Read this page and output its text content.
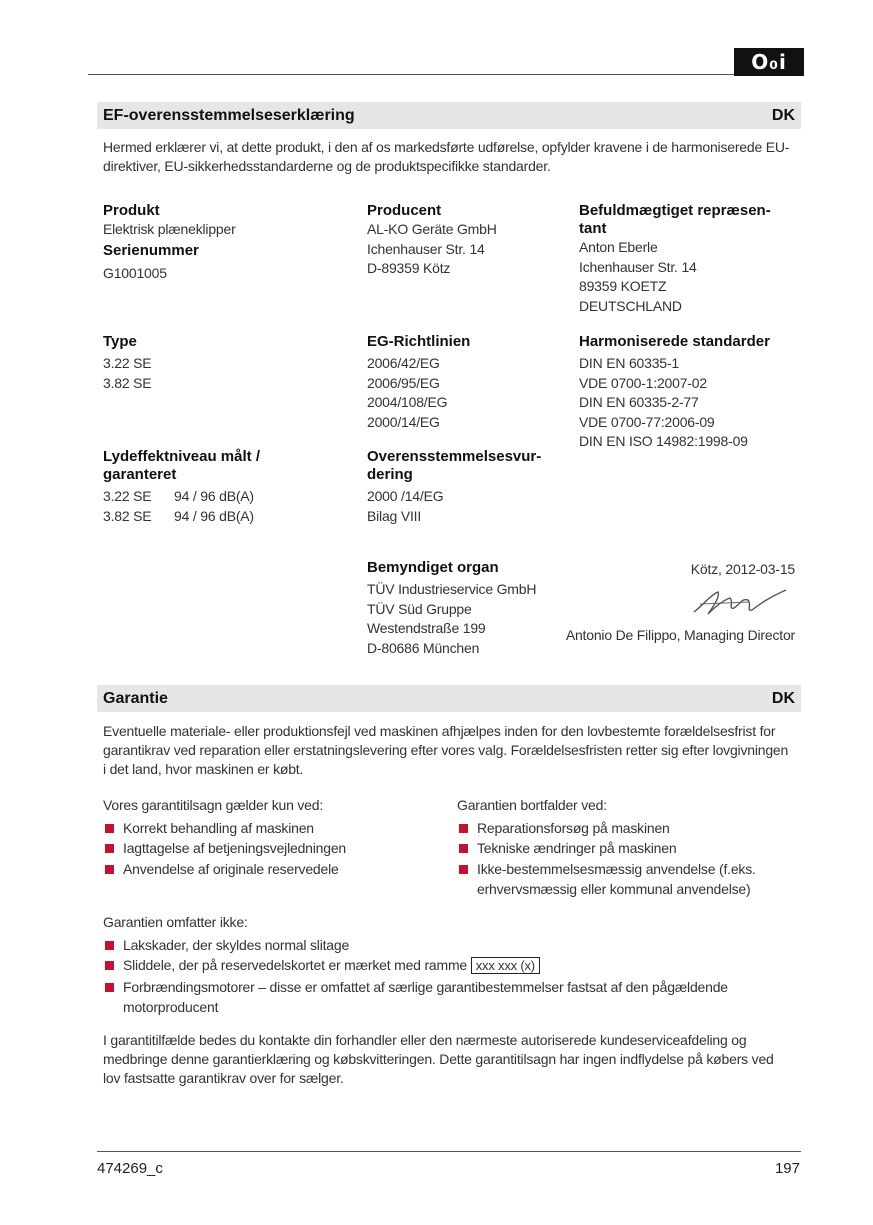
O₀i
EF-overensstemmelseserklæring	DK
Hermed erklærer vi, at dette produkt, i den af os markedsførte udførelse, opfylder kravene i de harmoniserede EU-direktiver, EU-sikkerhedsstandarderne og de produktspecifikke standarder.
Produkt
Elektrisk plæneklipper
Serienummer
G1001005
Producent
AL-KO Geräte GmbH
Ichenhauser Str. 14
D-89359 Kötz
Befuldmægtiget repræsen-tant
Anton Eberle
Ichenhauser Str. 14
89359 KOETZ
DEUTSCHLAND
Type
3.22 SE
3.82 SE
EG-Richtlinien
2006/42/EG
2006/95/EG
2004/108/EG
2000/14/EG
Harmoniserede standarder
DIN EN 60335-1
VDE 0700-1:2007-02
DIN EN 60335-2-77
VDE 0700-77:2006-09
DIN EN ISO 14982:1998-09
Lydeffektniveau målt / garanteret
3.22 SE 94 / 96 dB(A)
3.82 SE 94 / 96 dB(A)
Overensstemmelsesvur-dering
2000 /14/EG
Bilag VIII
Bemyndiget organ
TÜV Industrieservice GmbH
TÜV Süd Gruppe
Westendstraße 199
D-80686 München
Kötz, 2012-03-15
Antonio De Filippo, Managing Director
Garantie	DK
Eventuelle materiale- eller produktionsfejl ved maskinen afhjælpes inden for den lovbestemte forældelsesfrist for garantikrav ved reparation eller erstatningslevering efter vores valg. Forældelsesfristen retter sig efter lovgivningen i det land, hvor maskinen er købt.
Vores garantitilsagn gælder kun ved:
Korrekt behandling af maskinen
Iagttagelse af betjeningsvejledningen
Anvendelse af originale reservedele
Garantien bortfalder ved:
Reparationsforsøg på maskinen
Tekniske ændringer på maskinen
Ikke-bestemmelsesmæssig anvendelse (f.eks. erhvervsmæssig eller kommunal anvendelse)
Garantien omfatter ikke:
Lakskader, der skyldes normal slitage
Sliddele, der på reservedelskortet er mærket med ramme xxx xxx (x)
Forbrændingsmotorer – disse er omfattet af særlige garantibestemmelser fastsat af den pågældende motorproducent
I garantitilfælde bedes du kontakte din forhandler eller den nærmeste autoriserede kundeserviceafdeling og medbringe denne garantierklæring og købskvitteringen. Dette garantitilsagn har ingen indflydelse på købers ved lov fastsatte garantikrav over for sælger.
474269_c	197
